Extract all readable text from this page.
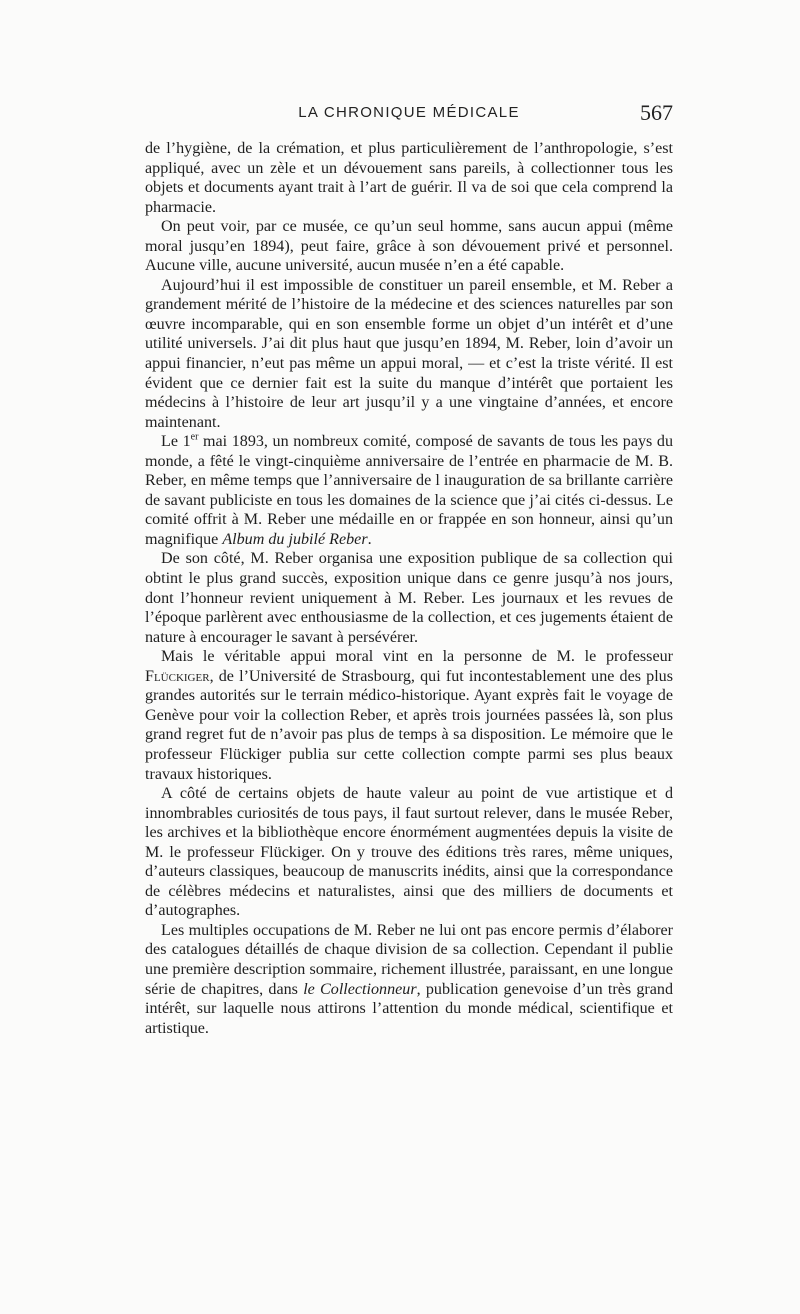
LA CHRONIQUE MÉDICALE	567

de l’hygiène, de la crémation, et plus particulièrement de l’anthropologie, s’est appliqué, avec un zèle et un dévouement sans pareils, à collectionner tous les objets et documents ayant trait à l’art de guérir. Il va de soi que cela comprend la pharmacie.

On peut voir, par ce musée, ce qu’un seul homme, sans aucun appui (même moral jusqu’en 1894), peut faire, grâce à son dévouement privé et personnel. Aucune ville, aucune université, aucun musée n’en a été capable.

Aujourd’hui il est impossible de constituer un pareil ensemble, et M. Reber a grandement mérité de l’histoire de la médecine et des sciences naturelles par son œuvre incomparable, qui en son ensemble forme un objet d’un intérêt et d’une utilité universels. J’ai dit plus haut que jusqu’en 1894, M. Reber, loin d’avoir un appui financier, n’eut pas même un appui moral, — et c’est la triste vérité. Il est évident que ce dernier fait est la suite du manque d’intérêt que portaient les médecins à l’histoire de leur art jusqu’il y a une vingtaine d’années, et encore maintenant.

Le 1er mai 1893, un nombreux comité, composé de savants de tous les pays du monde, a fêté le vingt-cinquième anniversaire de l’entrée en pharmacie de M. B. Reber, en même temps que l’anniversaire de l inauguration de sa brillante carrière de savant publiciste en tous les domaines de la science que j’ai cités ci-dessus. Le comité offrit à M. Reber une médaille en or frappée en son honneur, ainsi qu’un magnifique Album du jubilé Reber.

De son côté, M. Reber organisa une exposition publique de sa collection qui obtint le plus grand succès, exposition unique dans ce genre jusqu’à nos jours, dont l’honneur revient uniquement à M. Reber. Les journaux et les revues de l’époque parlèrent avec enthousiasme de la collection, et ces jugements étaient de nature à encourager le savant à persévérer.

Mais le véritable appui moral vint en la personne de M. le professeur Flückiger, de l’Université de Strasbourg, qui fut incontestablement une des plus grandes autorités sur le terrain médico-historique. Ayant exprès fait le voyage de Genève pour voir la collection Reber, et après trois journées passées là, son plus grand regret fut de n’avoir pas plus de temps à sa disposition. Le mémoire que le professeur Flückiger publia sur cette collection compte parmi ses plus beaux travaux historiques.

A côté de certains objets de haute valeur au point de vue artistique et d innombrables curiosités de tous pays, il faut surtout relever, dans le musée Reber, les archives et la bibliothèque encore énormément augmentées depuis la visite de M. le professeur Flückiger. On y trouve des éditions très rares, même uniques, d’auteurs classiques, beaucoup de manuscrits inédits, ainsi que la correspondance de célèbres médecins et naturalistes, ainsi que des milliers de documents et d’autographes.

Les multiples occupations de M. Reber ne lui ont pas encore permis d’élaborer des catalogues détaillés de chaque division de sa collection. Cependant il publie une première description sommaire, richement illustrée, paraissant, en une longue série de chapitres, dans le Collectionneur, publication genevoise d’un très grand intérêt, sur laquelle nous attirons l’attention du monde médical, scientifique et artistique.
